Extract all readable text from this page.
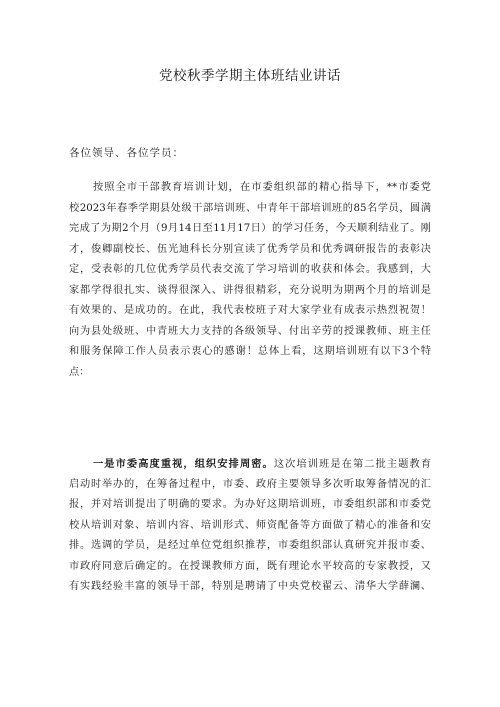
党校秋季学期主体班结业讲话

各位领导、各位学员：

按照全市干部教育培训计划，在市委组织部的精心指导下，**市委党
校2023年春季学期县处级干部培训班、中青年干部培训班的85名学员，圆满
完成了为期2个月（9月14日至11月17日）的学习任务，今天顺利结业了。刚
才，俊卿副校长、伍光迪科长分别宣读了优秀学员和优秀调研报告的表彰决
定，受表彰的几位优秀学员代表交流了学习培训的收获和体会。我感到，大
家都学得很扎实、谈得很深入、讲得很精彩，充分说明为期两个月的培训是
有效果的、是成功的。在此，我代表校班子对大家学业有成表示热烈祝贺！
向为县处级班、中青班大力支持的各级领导、付出辛劳的授课教师、班主任
和服务保障工作人员表示衷心的感谢！总体上看，这期培训班有以下3个特
点：
一是市委高度重视，组织安排周密。这次培训班是在第二批主题教育
启动时举办的，在筹备过程中，市委、政府主要领导多次听取筹备情况的汇
报，并对培训提出了明确的要求。为办好这期培训班，市委组织部和市委党
校从培训对象、培训内容、培训形式、师资配备等方面做了精心的准备和安
排。选调的学员，是经过单位党组织推荐，市委组织部认真研究并报市委、
市政府同意后确定的。在授课教师方面，既有理论水平较高的专家教授，又
有实践经验丰富的领导干部，特别是聘请了中央党校翟云、清华大学薛澜、
